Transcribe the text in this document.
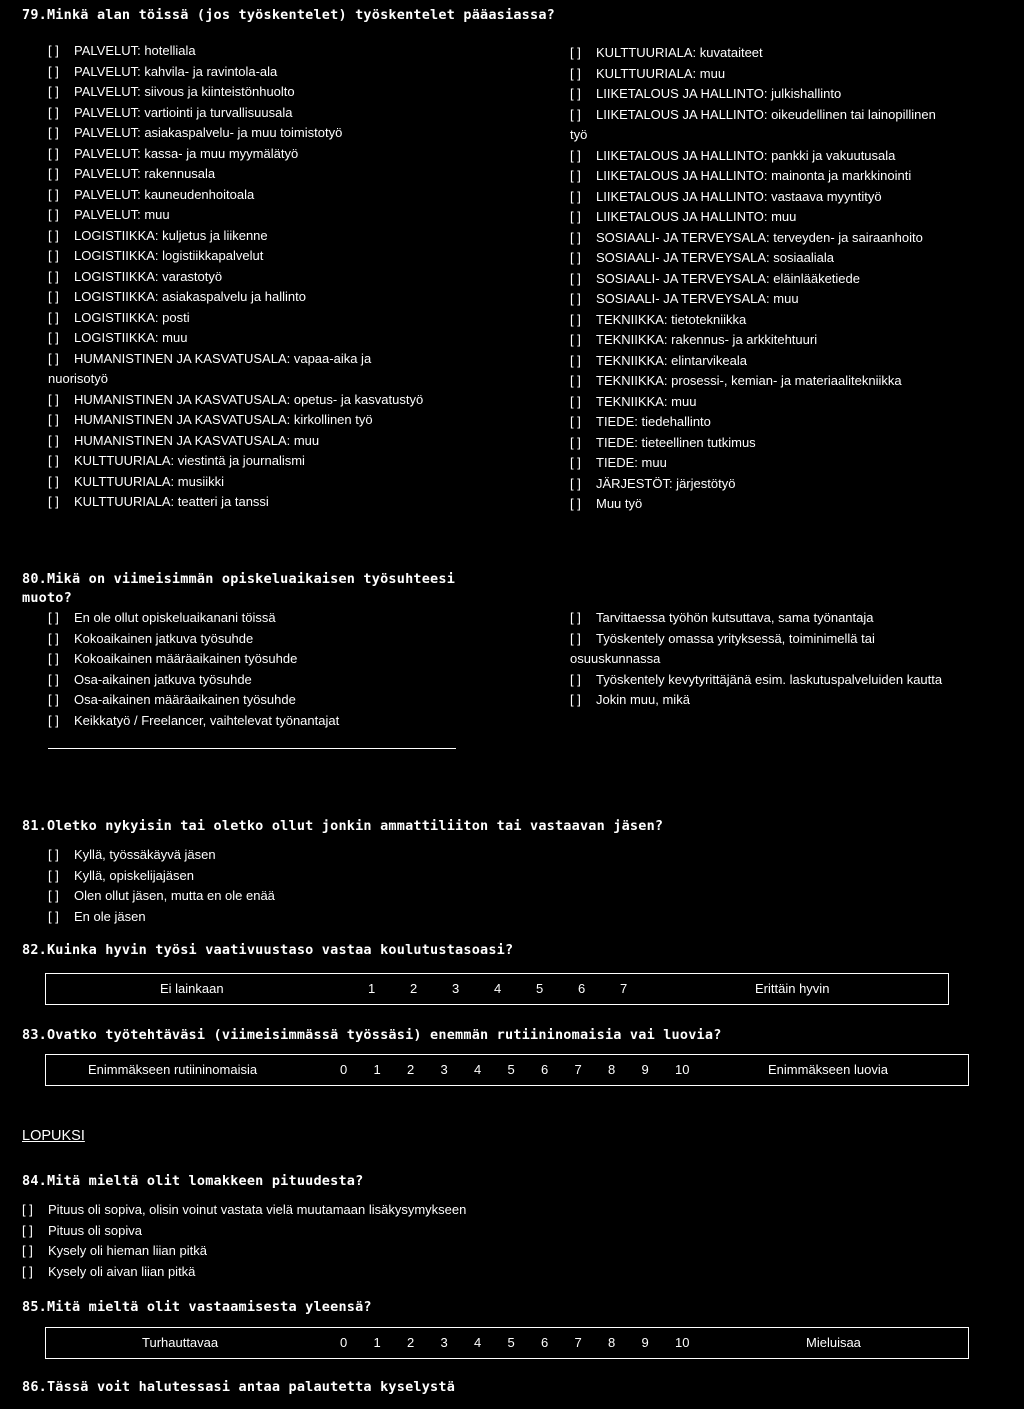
79.Minkä alan töissä (jos työskentelet) työskentelet pääasiassa?
[ ] PALVELUT: hotelliala
[ ] PALVELUT: kahvila- ja ravintola-ala
[ ] PALVELUT: siivous ja kiinteistönhuolto
[ ] PALVELUT: vartiointi ja turvallisuusala
[ ] PALVELUT: asiakaspalvelu- ja muu toimistotyö
[ ] PALVELUT: kassa- ja muu myymälätyö
[ ] PALVELUT: rakennusala
[ ] PALVELUT: kauneudenhoitoala
[ ] PALVELUT: muu
[ ] LOGISTIIKKA: kuljetus ja liikenne
[ ] LOGISTIIKKA: logistiikkapalvelut
[ ] LOGISTIIKKA: varastotyö
[ ] LOGISTIIKKA: asiakaspalvelu ja hallinto
[ ] LOGISTIIKKA: posti
[ ] LOGISTIIKKA: muu
[ ] HUMANISTINEN JA KASVATUSALA: vapaa-aika ja
nuorisotyö
[ ] HUMANISTINEN JA KASVATUSALA: opetus- ja kasvatustyö
[ ] HUMANISTINEN JA KASVATUSALA: kirkollinen työ
[ ] HUMANISTINEN JA KASVATUSALA: muu
[ ] KULTTUURIALA: viestintä ja journalismi
[ ] KULTTUURIALA: musiikki
[ ] KULTTUURIALA: teatteri ja tanssi
[ ] KULTTUURIALA: kuvataiteet
[ ] KULTTUURIALA: muu
[ ] LIIKETALOUS JA HALLINTO: julkishallinto
[ ] LIIKETALOUS JA HALLINTO: oikeudellinen tai lainopillinen
työ
[ ] LIIKETALOUS JA HALLINTO: pankki ja vakuutusala
[ ] LIIKETALOUS JA HALLINTO: mainonta ja markkinointi
[ ] LIIKETALOUS JA HALLINTO: vastaava myyntityö
[ ] LIIKETALOUS JA HALLINTO: muu
[ ] SOSIAALI- JA TERVEYSALA: terveyden- ja sairaanhoito
[ ] SOSIAALI- JA TERVEYSALA: sosiaaliala
[ ] SOSIAALI- JA TERVEYSALA: eläinlääketiede
[ ] SOSIAALI- JA TERVEYSALA: muu
[ ] TEKNIIKKA: tietotekniikka
[ ] TEKNIIKKA: rakennus- ja arkkitehtuuri
[ ] TEKNIIKKA: elintarvikeala
[ ] TEKNIIKKA: prosessi-, kemian- ja materiaalitekniikka
[ ] TEKNIIKKA: muu
[ ] TIEDE: tiedehallinto
[ ] TIEDE: tieteellinen tutkimus
[ ] TIEDE: muu
[ ] JÄRJESTÖT: järjestötyö
[ ] Muu työ
80.Mikä on viimeisimmän opiskeluaikaisen työsuhteesi
muoto?
[ ] En ole ollut opiskeluaikanani töissä
[ ] Kokoaikainen jatkuva työsuhde
[ ] Kokoaikainen määräaikainen työsuhde
[ ] Osa-aikainen jatkuva työsuhde
[ ] Osa-aikainen määräaikainen työsuhde
[ ] Keikkatyö / Freelancer, vaihtelevat työnantajat
[ ] Tarvittaessa työhön kutsuttava, sama työnantaja
[ ] Työskentely omassa yrityksessä, toiminimellä tai
osuuskunnassa
[ ] Työskentely kevytyrittäjänä esim. laskutuspalveluiden kautta
[ ] Jokin muu, mikä
81.Oletko nykyisin tai oletko ollut jonkin ammattiliiton tai vastaavan jäsen?
[ ] Kyllä, työssäkäyvä jäsen
[ ] Kyllä, opiskelijajäsen
[ ] Olen ollut jäsen, mutta en ole enää
[ ] En ole jäsen
82.Kuinka hyvin työsi vaativuustaso vastaa koulutustasoasi?
Ei lainkaan	Erittäin hyvin
1	2	3	4	5	6	7
83.Ovatko työtehtäväsi (viimeisimmässä työssäsi) enemmän rutiininomaisia vai luovia?
Enimmäkseen rutiininomaisia	Enimmäkseen luovia
0 1 2 3 4 5 6 7 8 9 10
LOPUKSI
84.Mitä mieltä olit lomakkeen pituudesta?
[ ] Pituus oli sopiva, olisin voinut vastata vielä muutamaan lisäkysymykseen
[ ] Pituus oli sopiva
[ ] Kysely oli hieman liian pitkä
[ ] Kysely oli aivan liian pitkä
85.Mitä mieltä olit vastaamisesta yleensä?
Turhauttavaa	Mieluisaa
0 1 2 3 4 5 6 7 8 9 10
86.Tässä voit halutessasi antaa palautetta kyselystä
